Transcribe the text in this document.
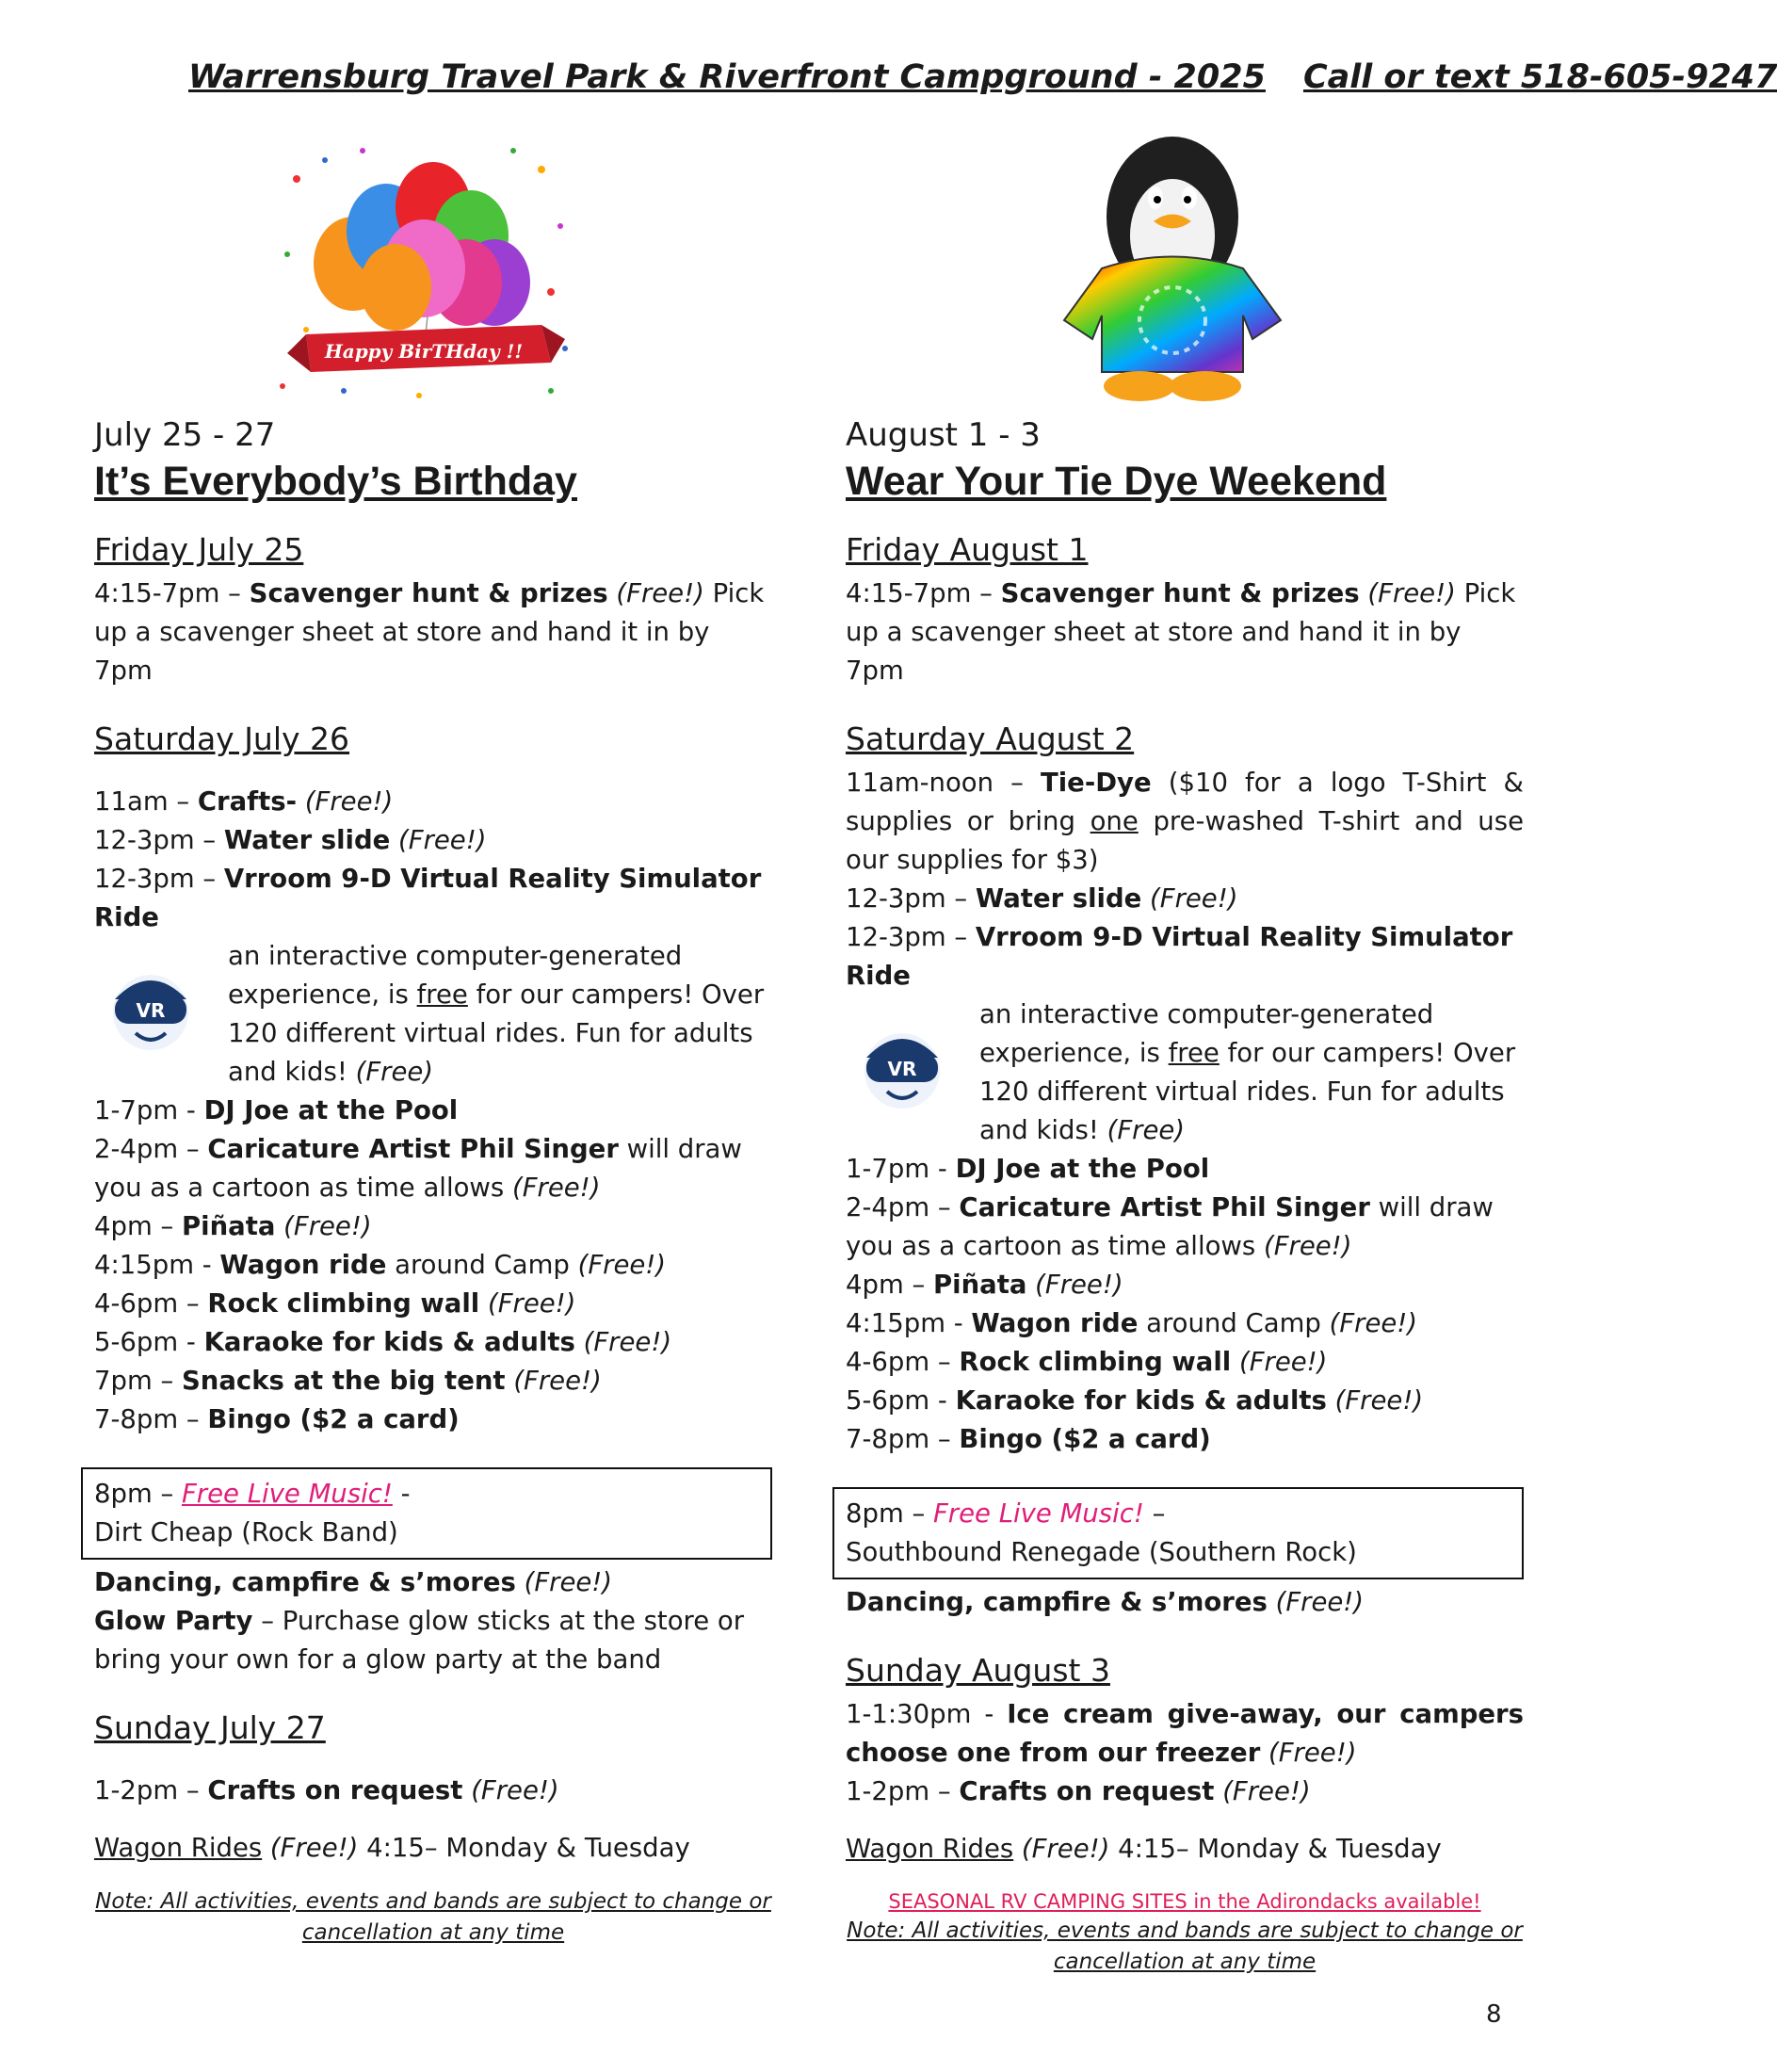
Warrensburg Travel Park & Riverfront Campground - 2025 Call or text 518-605-9247
Happy BirTHday !!

July 25 - 27

It’s Everybody’s Birthday

Friday July 25

4:15-7pm – Scavenger hunt & prizes (Free!) Pick up a scavenger sheet at store and hand it in by 7pm

Saturday July 26

11am – Crafts- (Free!)

12-3pm – Water slide (Free!)

12-3pm – Vrroom 9-D Virtual Reality Simulator Ride

VR

an interactive computer-generated experience, is free for our campers! Over 120 different virtual rides. Fun for adults and kids! (Free)

1-7pm - DJ Joe at the Pool

2-4pm – Caricature Artist Phil Singer will draw you as a cartoon as time allows (Free!)

4pm – Piñata (Free!)

4:15pm - Wagon ride around Camp (Free!)

4-6pm – Rock climbing wall (Free!)

5-6pm - Karaoke for kids & adults (Free!)

7pm – Snacks at the big tent (Free!)

7-8pm – Bingo ($2 a card)

8pm – Free Live Music! -

Dirt Cheap (Rock Band)

Dancing, campfire & s’mores (Free!)

Glow Party – Purchase glow sticks at the store or bring your own for a glow party at the band

Sunday July 27

1-2pm – Crafts on request (Free!)

Wagon Rides (Free!) 4:15– Monday & Tuesday

Note: All activities, events and bands are subject to change or cancellation at any time

August 1 - 3

Wear Your Tie Dye Weekend

Friday August 1

4:15-7pm – Scavenger hunt & prizes (Free!) Pick up a scavenger sheet at store and hand it in by 7pm

Saturday August 2

11am-noon – Tie-Dye ($10 for a logo T-Shirt & supplies or bring one pre-washed T-shirt and use our supplies for $3)

12-3pm – Water slide (Free!)

12-3pm – Vrroom 9-D Virtual Reality Simulator Ride

VR

an interactive computer-generated experience, is free for our campers! Over 120 different virtual rides. Fun for adults and kids! (Free)

1-7pm - DJ Joe at the Pool

2-4pm – Caricature Artist Phil Singer will draw you as a cartoon as time allows (Free!)

4pm – Piñata (Free!)

4:15pm - Wagon ride around Camp (Free!)

4-6pm – Rock climbing wall (Free!)

5-6pm - Karaoke for kids & adults (Free!)

7-8pm – Bingo ($2 a card)

8pm – Free Live Music! –

Southbound Renegade (Southern Rock)

Dancing, campfire & s’mores (Free!)

Sunday August 3

1-1:30pm - Ice cream give-away, our campers choose one from our freezer (Free!)

1-2pm – Crafts on request (Free!)

Wagon Rides (Free!) 4:15– Monday & Tuesday

SEASONAL RV CAMPING SITES in the Adirondacks available!

Note: All activities, events and bands are subject to change or cancellation at any time

8
